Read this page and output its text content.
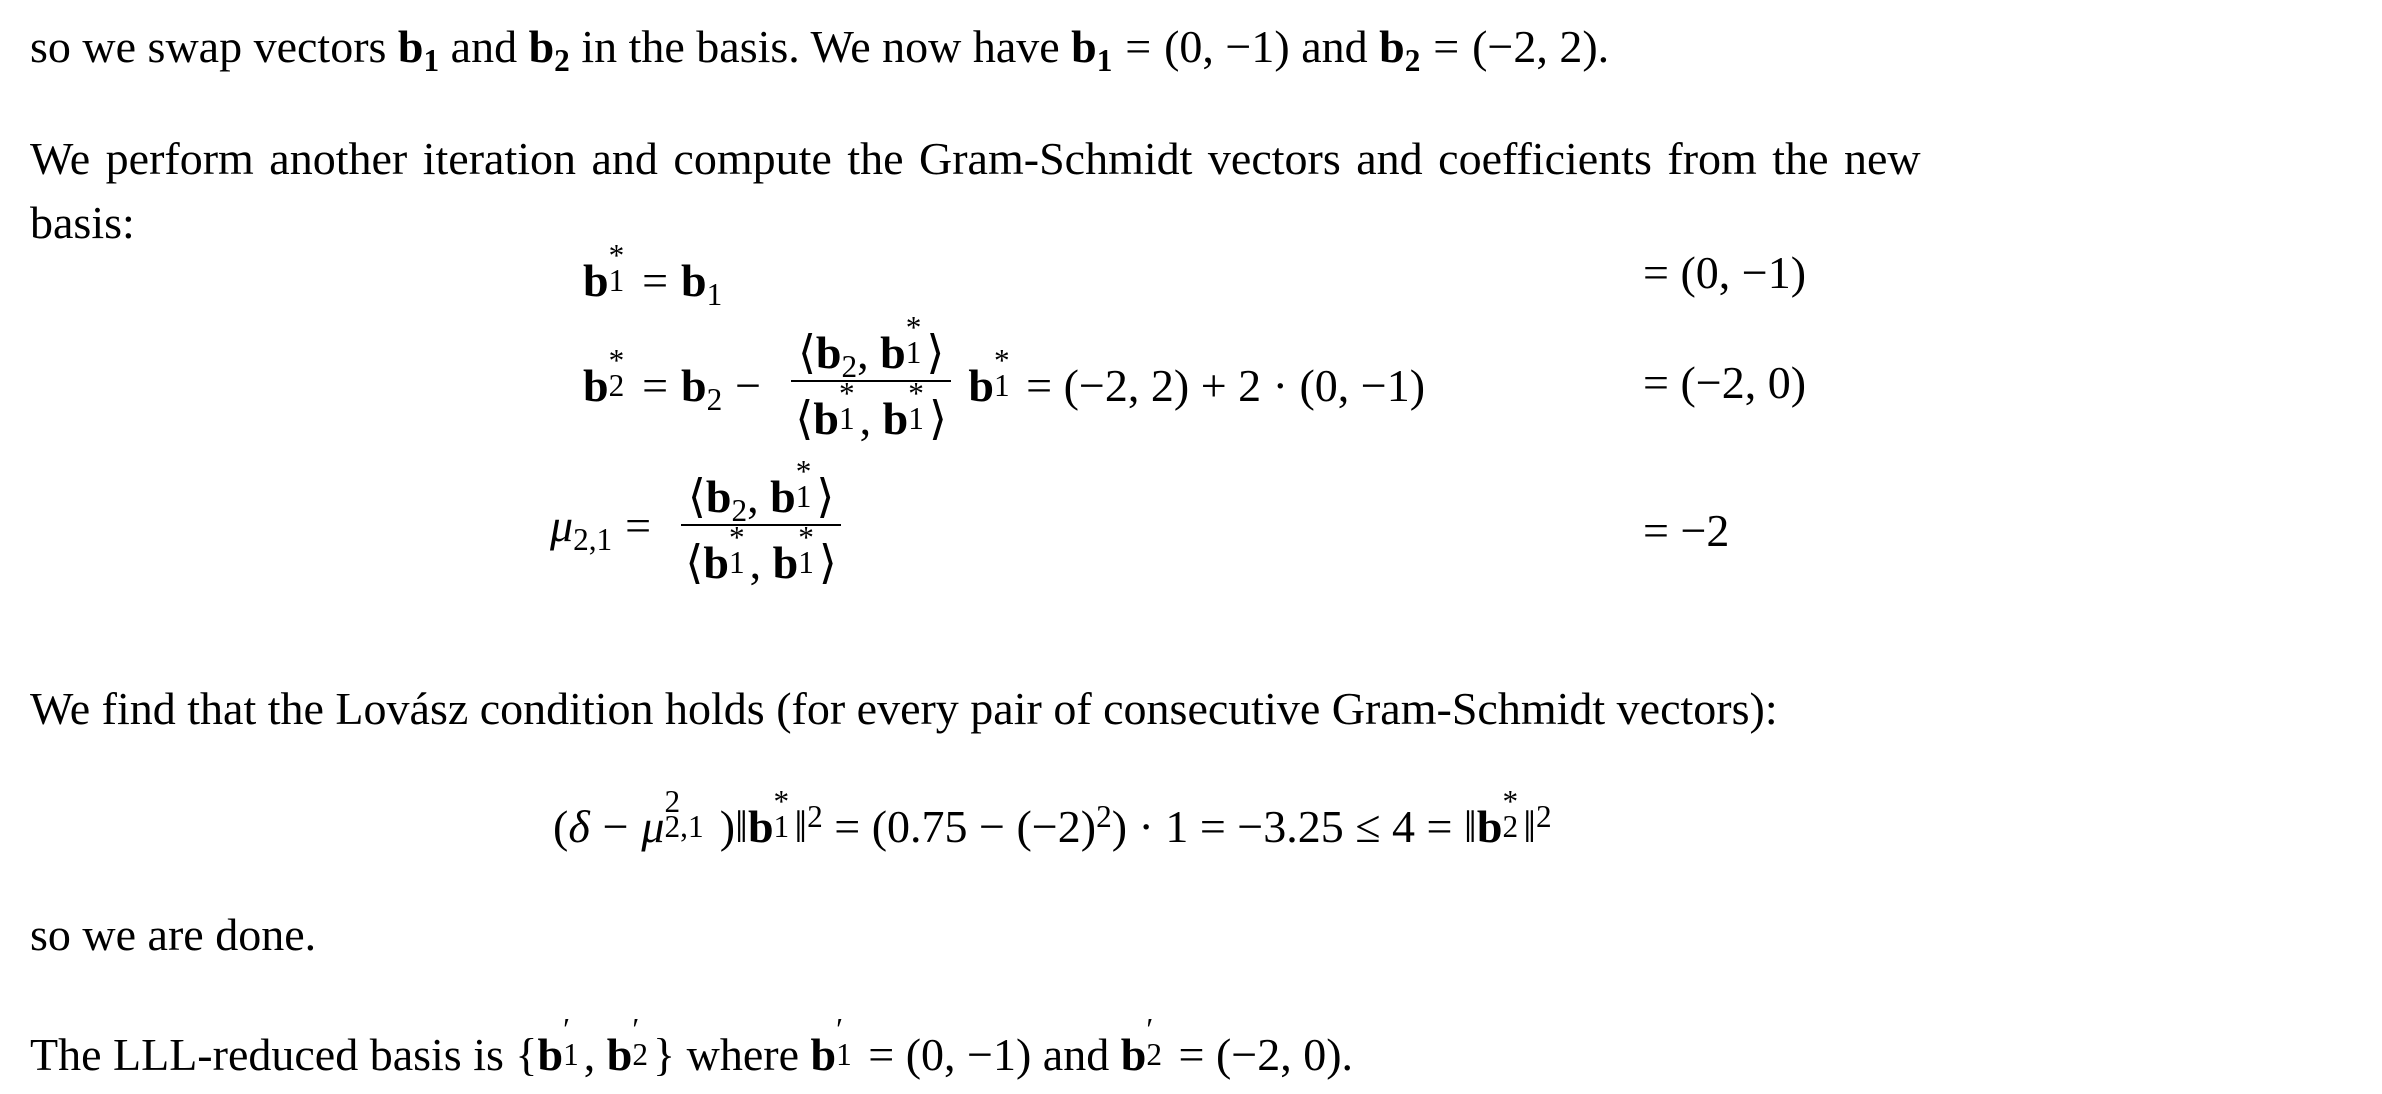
so we swap vectors $b_1$ and $b_2$ in the basis. We now have $b_1 = (0$, −1) and $b_2 = (-2$, 2).
We perform another iteration and compute the Gram-Schmidt vectors and coefficients from the new
basis:
b *
$1 = b_1$	= (0, −1)
b *
$2 = b_2$ − $⟨b_2$, b *
1 ⟩
⟨b *
1 , b *
1 ⟩ b *
1 = (−2, 2) + 2 · (0, −1)	= (−2, 0)
$\mu_{2,1}$ = $⟨b_2$, b *
1 ⟩
⟨b *
1 , b *
1 ⟩	= −2
We find that the Lovász condition holds (for every pair of consecutive Gram-Schmidt vectors):
(δ − μ 2
2,1 )‖b *
1 ‖$^2$ = $(0.75 - (-2)^2) \cdot 1 = -3.25 \le 4$ = ‖b *
2 ‖$^2$
so we are done.
The LLL-reduced basis is {b ′
1 , b ′
2 } where b ′
1 = (0, −1) and b ′
2 = (−2, 0).
